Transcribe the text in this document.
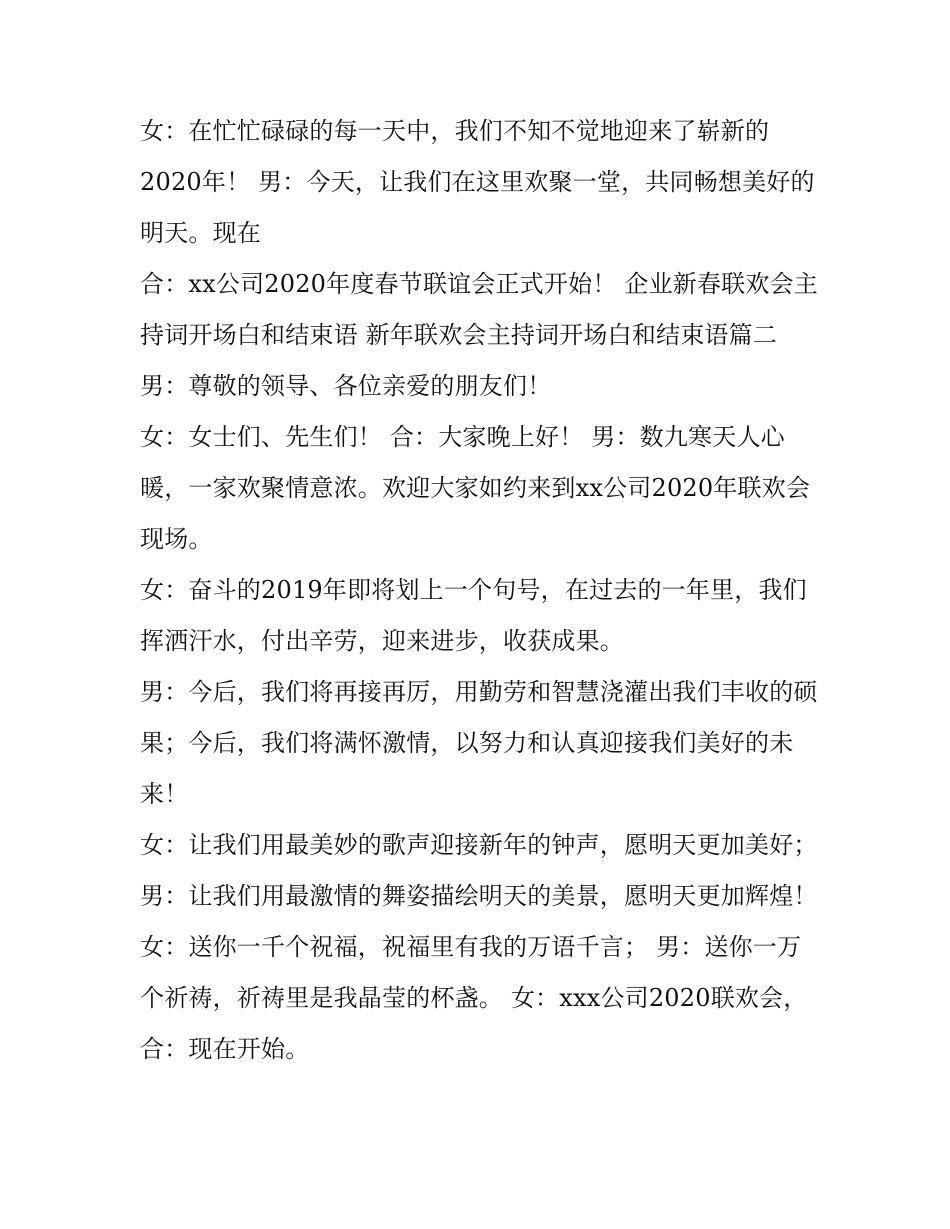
女：在忙忙碌碌的每一天中，我们不知不觉地迎来了崭新的2020年！ 男：今天，让我们在这里欢聚一堂，共同畅想美好的明天。现在

合：xx公司2020年度春节联谊会正式开始！ 企业新春联欢会主持词开场白和结束语 新年联欢会主持词开场白和结束语篇二 男：尊敬的领导、各位亲爱的朋友们！

女：女士们、先生们！ 合：大家晚上好！ 男：数九寒天人心暖，一家欢聚情意浓。欢迎大家如约来到xx公司2020年联欢会现场。

女：奋斗的2019年即将划上一个句号，在过去的一年里，我们挥洒汗水，付出辛劳，迎来进步，收获成果。

男：今后，我们将再接再厉，用勤劳和智慧浇灌出我们丰收的硕果；今后，我们将满怀激情，以努力和认真迎接我们美好的未来！

女：让我们用最美妙的歌声迎接新年的钟声，愿明天更加美好； 男：让我们用最激情的舞姿描绘明天的美景，愿明天更加辉煌！

女：送你一千个祝福，祝福里有我的万语千言； 男：送你一万个祈祷，祈祷里是我晶莹的杯盏。 女：xxx公司2020联欢会， 合：现在开始。
